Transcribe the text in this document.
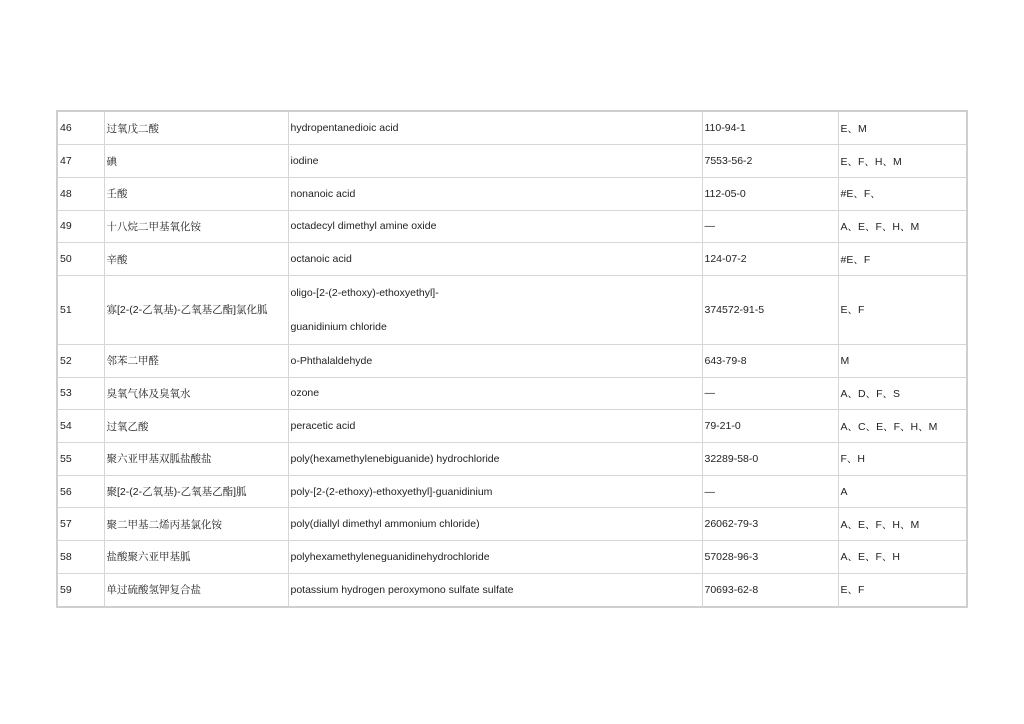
46	过氧戊二酸	hydropentanedioic acid	110-94-1	E、M
47	碘	iodine	7553-56-2	E、F、H、M
48	壬酸	nonanoic acid	112-05-0	#E、F、
49	十八烷二甲基氧化铵	octadecyl dimethyl amine oxide	—	A、E、F、H、M
50	辛酸	octanoic acid	124-07-2	#E、F
51	寡[2-(2-乙氧基)-乙氧基乙酯]氯化胍	oligo-[2-(2-ethoxy)-ethoxyethyl]-
guanidinium chloride	374572-91-5	E、F
52	邻苯二甲醛	o-Phthalaldehyde	643-79-8	M
53	臭氧气体及臭氧水	ozone	—	A、D、F、S
54	过氧乙酸	peracetic acid	79-21-0	A、C、E、F、H、M
55	聚六亚甲基双胍盐酸盐	poly(hexamethylenebiguanide) hydrochloride	32289-58-0	F、H
56	聚[2-(2-乙氧基)-乙氧基乙酯]胍	poly-[2-(2-ethoxy)-ethoxyethyl]-guanidinium	—	A
57	聚二甲基二烯丙基氯化铵	poly(diallyl dimethyl ammonium chloride)	26062-79-3	A、E、F、H、M
58	盐酸聚六亚甲基胍	polyhexamethyleneguanidinehydrochloride	57028-96-3	A、E、F、H
59	单过硫酸氢钾复合盐	potassium hydrogen peroxymono sulfate sulfate	70693-62-8	E、F
